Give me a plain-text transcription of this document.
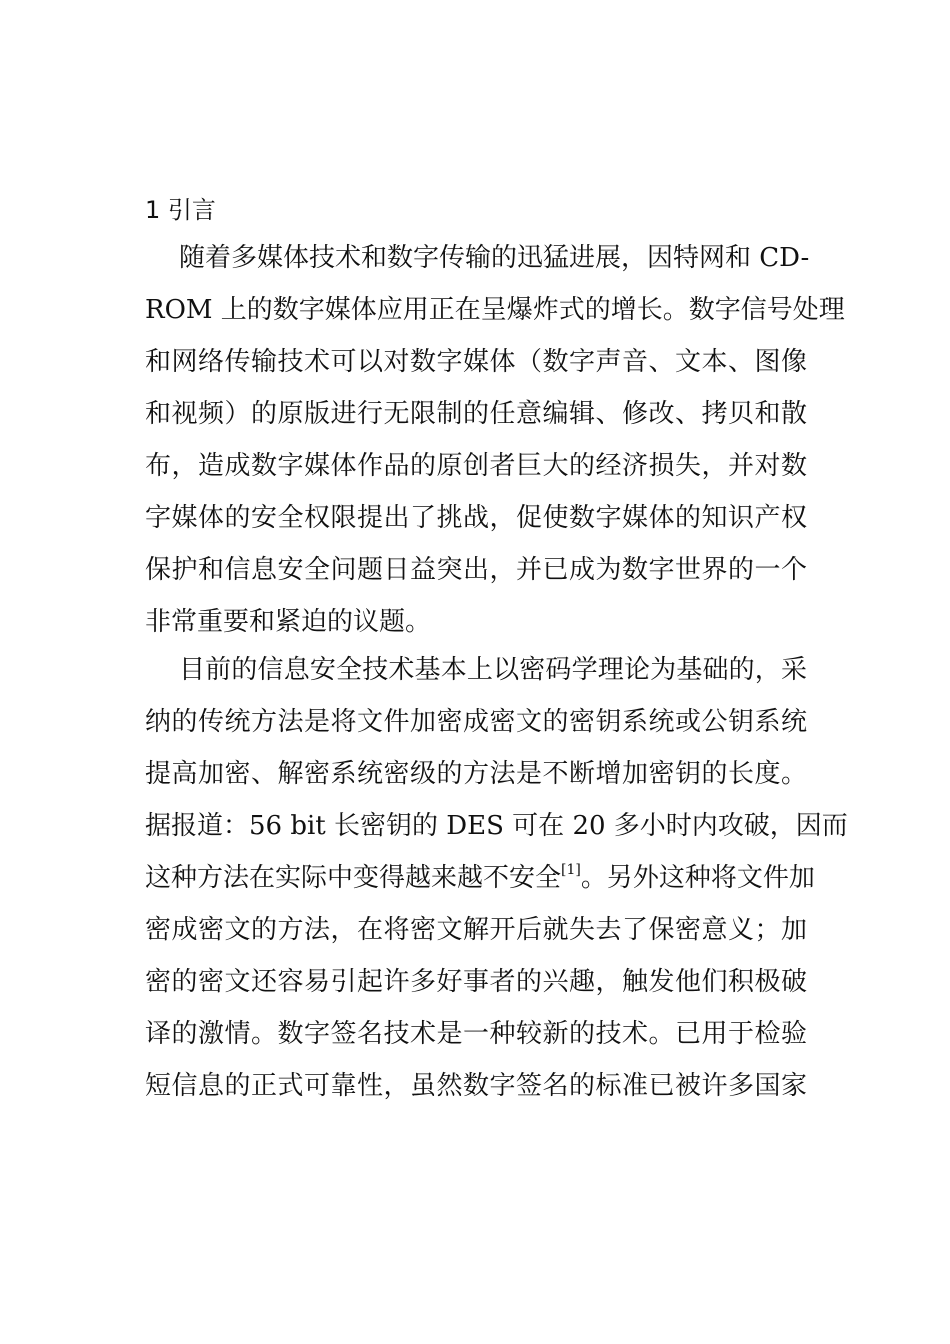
1 引言

随着多媒体技术和数字传输的迅猛进展，因特网和 CD-

ROM 上的数字媒体应用正在呈爆炸式的增长。数字信号处理

和网络传输技术可以对数字媒体（数字声音、文本、图像

和视频）的原版进行无限制的任意编辑、修改、拷贝和散

布，造成数字媒体作品的原创者巨大的经济损失，并对数

字媒体的安全权限提出了挑战，促使数字媒体的知识产权

保护和信息安全问题日益突出，并已成为数字世界的一个

非常重要和紧迫的议题。

目前的信息安全技术基本上以密码学理论为基础的，采

纳的传统方法是将文件加密成密文的密钥系统或公钥系统

提高加密、解密系统密级的方法是不断增加密钥的长度。

据报道：56 bit 长密钥的 DES 可在 20 多小时内攻破，因而

这种方法在实际中变得越来越不安全[1]。另外这种将文件加

密成密文的方法，在将密文解开后就失去了保密意义；加

密的密文还容易引起许多好事者的兴趣，触发他们积极破

译的激情。数字签名技术是一种较新的技术。已用于检验

短信息的正式可靠性，虽然数字签名的标准已被许多国家
